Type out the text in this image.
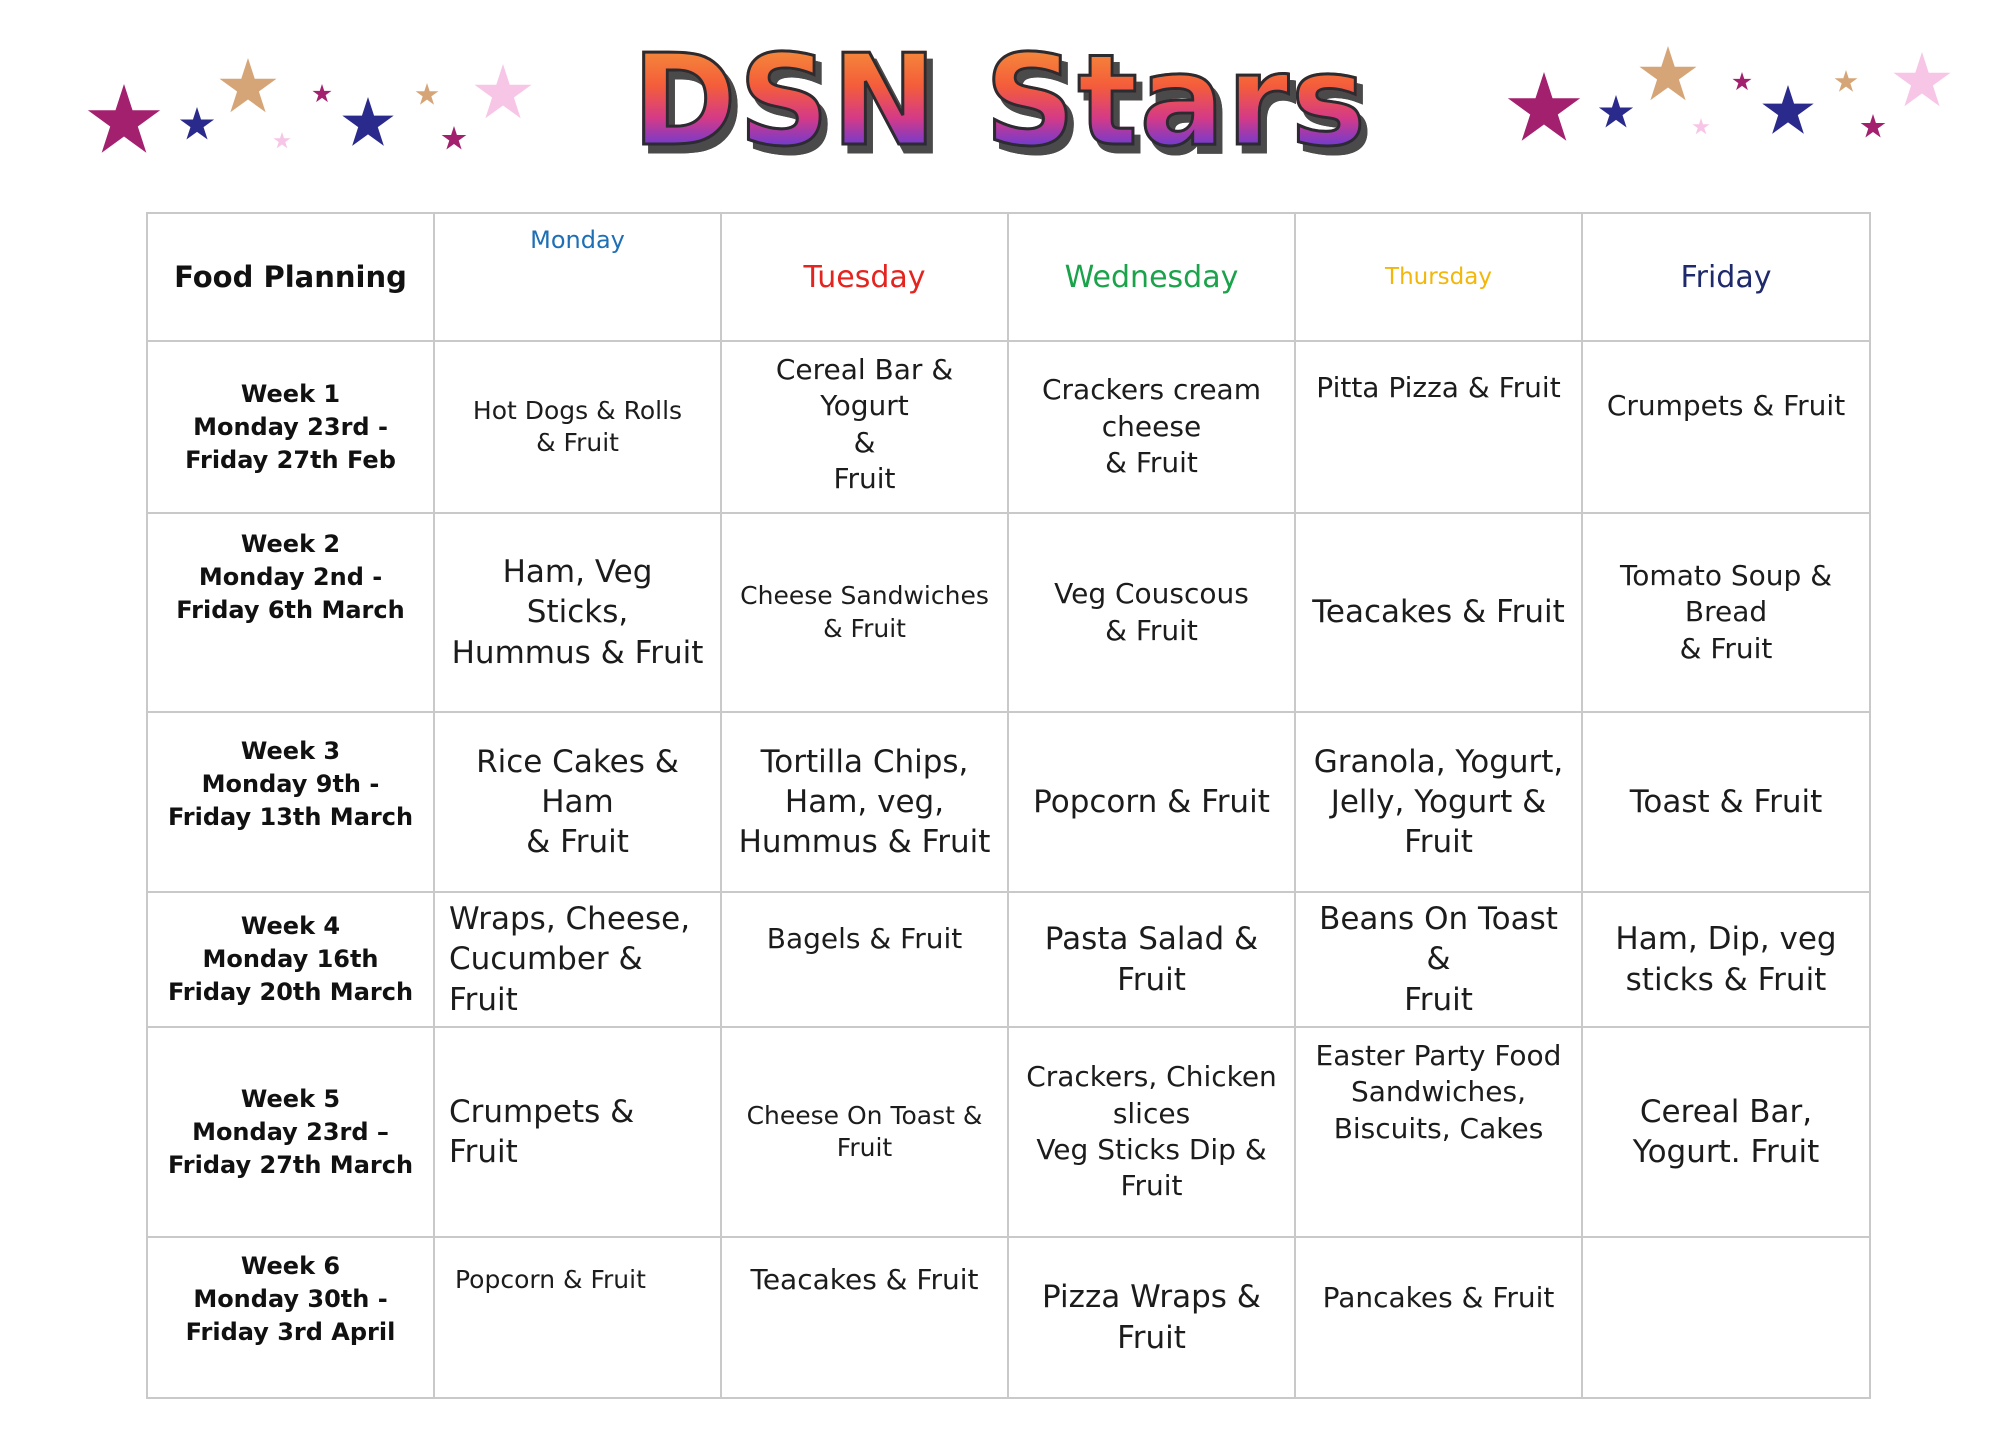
DSN Stars
Food Planning	Monday	Tuesday	Wednesday	Thursday	Friday
Week 1
Monday 23rd -
Friday 27th Feb	Hot Dogs & Rolls
& Fruit	Cereal Bar & Yogurt
&
Fruit	Crackers cream
cheese
& Fruit	Pitta Pizza & Fruit	Crumpets & Fruit
Week 2
Monday 2nd -
Friday 6th March	Ham, Veg Sticks,
Hummus & Fruit	Cheese Sandwiches
& Fruit	Veg Couscous
& Fruit	Teacakes & Fruit	Tomato Soup &
Bread
& Fruit
Week 3
Monday 9th -
Friday 13th March	Rice Cakes & Ham
& Fruit	Tortilla Chips,
Ham, veg,
Hummus & Fruit	Popcorn & Fruit	Granola, Yogurt,
Jelly, Yogurt &
Fruit	Toast & Fruit
Week 4
Monday 16th
Friday 20th March	Wraps, Cheese,
Cucumber & Fruit	Bagels & Fruit	Pasta Salad &
Fruit	Beans On Toast &
Fruit	Ham, Dip, veg
sticks & Fruit
Week 5
Monday 23rd –
Friday 27th March	Crumpets & Fruit	Cheese On Toast &
Fruit	Crackers, Chicken
slices
Veg Sticks Dip &
Fruit	Easter Party Food
Sandwiches,
Biscuits, Cakes	Cereal Bar,
Yogurt. Fruit
Week 6
Monday 30th -
Friday 3rd April	Popcorn & Fruit	Teacakes & Fruit	Pizza Wraps &
Fruit	Pancakes & Fruit	
